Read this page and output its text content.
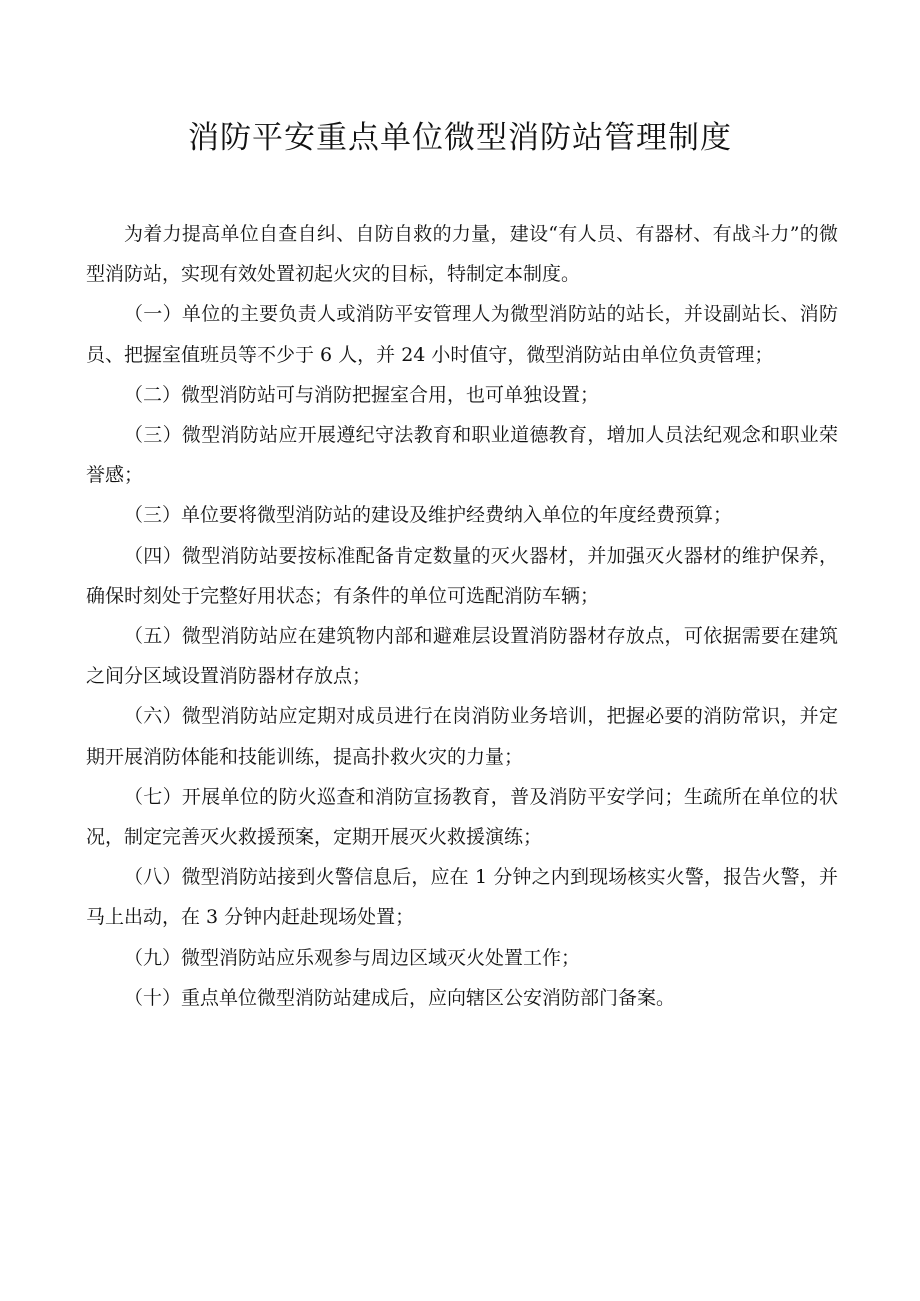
消防平安重点单位微型消防站管理制度

为着力提高单位自查自纠、自防自救的力量，建设“有人员、有器材、有战斗力”的微型消防站，实现有效处置初起火灾的目标，特制定本制度。

（一）单位的主要负责人或消防平安管理人为微型消防站的站长，并设副站长、消防员、把握室值班员等不少于 6 人，并 24 小时值守，微型消防站由单位负责管理；

（二）微型消防站可与消防把握室合用，也可单独设置；

（三）微型消防站应开展遵纪守法教育和职业道德教育，增加人员法纪观念和职业荣誉感；

（三）单位要将微型消防站的建设及维护经费纳入单位的年度经费预算；

（四）微型消防站要按标准配备肯定数量的灭火器材，并加强灭火器材的维护保养，确保时刻处于完整好用状态；有条件的单位可选配消防车辆；

（五）微型消防站应在建筑物内部和避难层设置消防器材存放点，可依据需要在建筑之间分区域设置消防器材存放点；

（六）微型消防站应定期对成员进行在岗消防业务培训，把握必要的消防常识，并定期开展消防体能和技能训练，提高扑救火灾的力量；

（七）开展单位的防火巡查和消防宣扬教育，普及消防平安学问；生疏所在单位的状况，制定完善灭火救援预案，定期开展灭火救援演练；

（八）微型消防站接到火警信息后，应在 1 分钟之内到现场核实火警，报告火警，并马上出动，在 3 分钟内赶赴现场处置；

（九）微型消防站应乐观参与周边区域灭火处置工作；

（十）重点单位微型消防站建成后，应向辖区公安消防部门备案。
